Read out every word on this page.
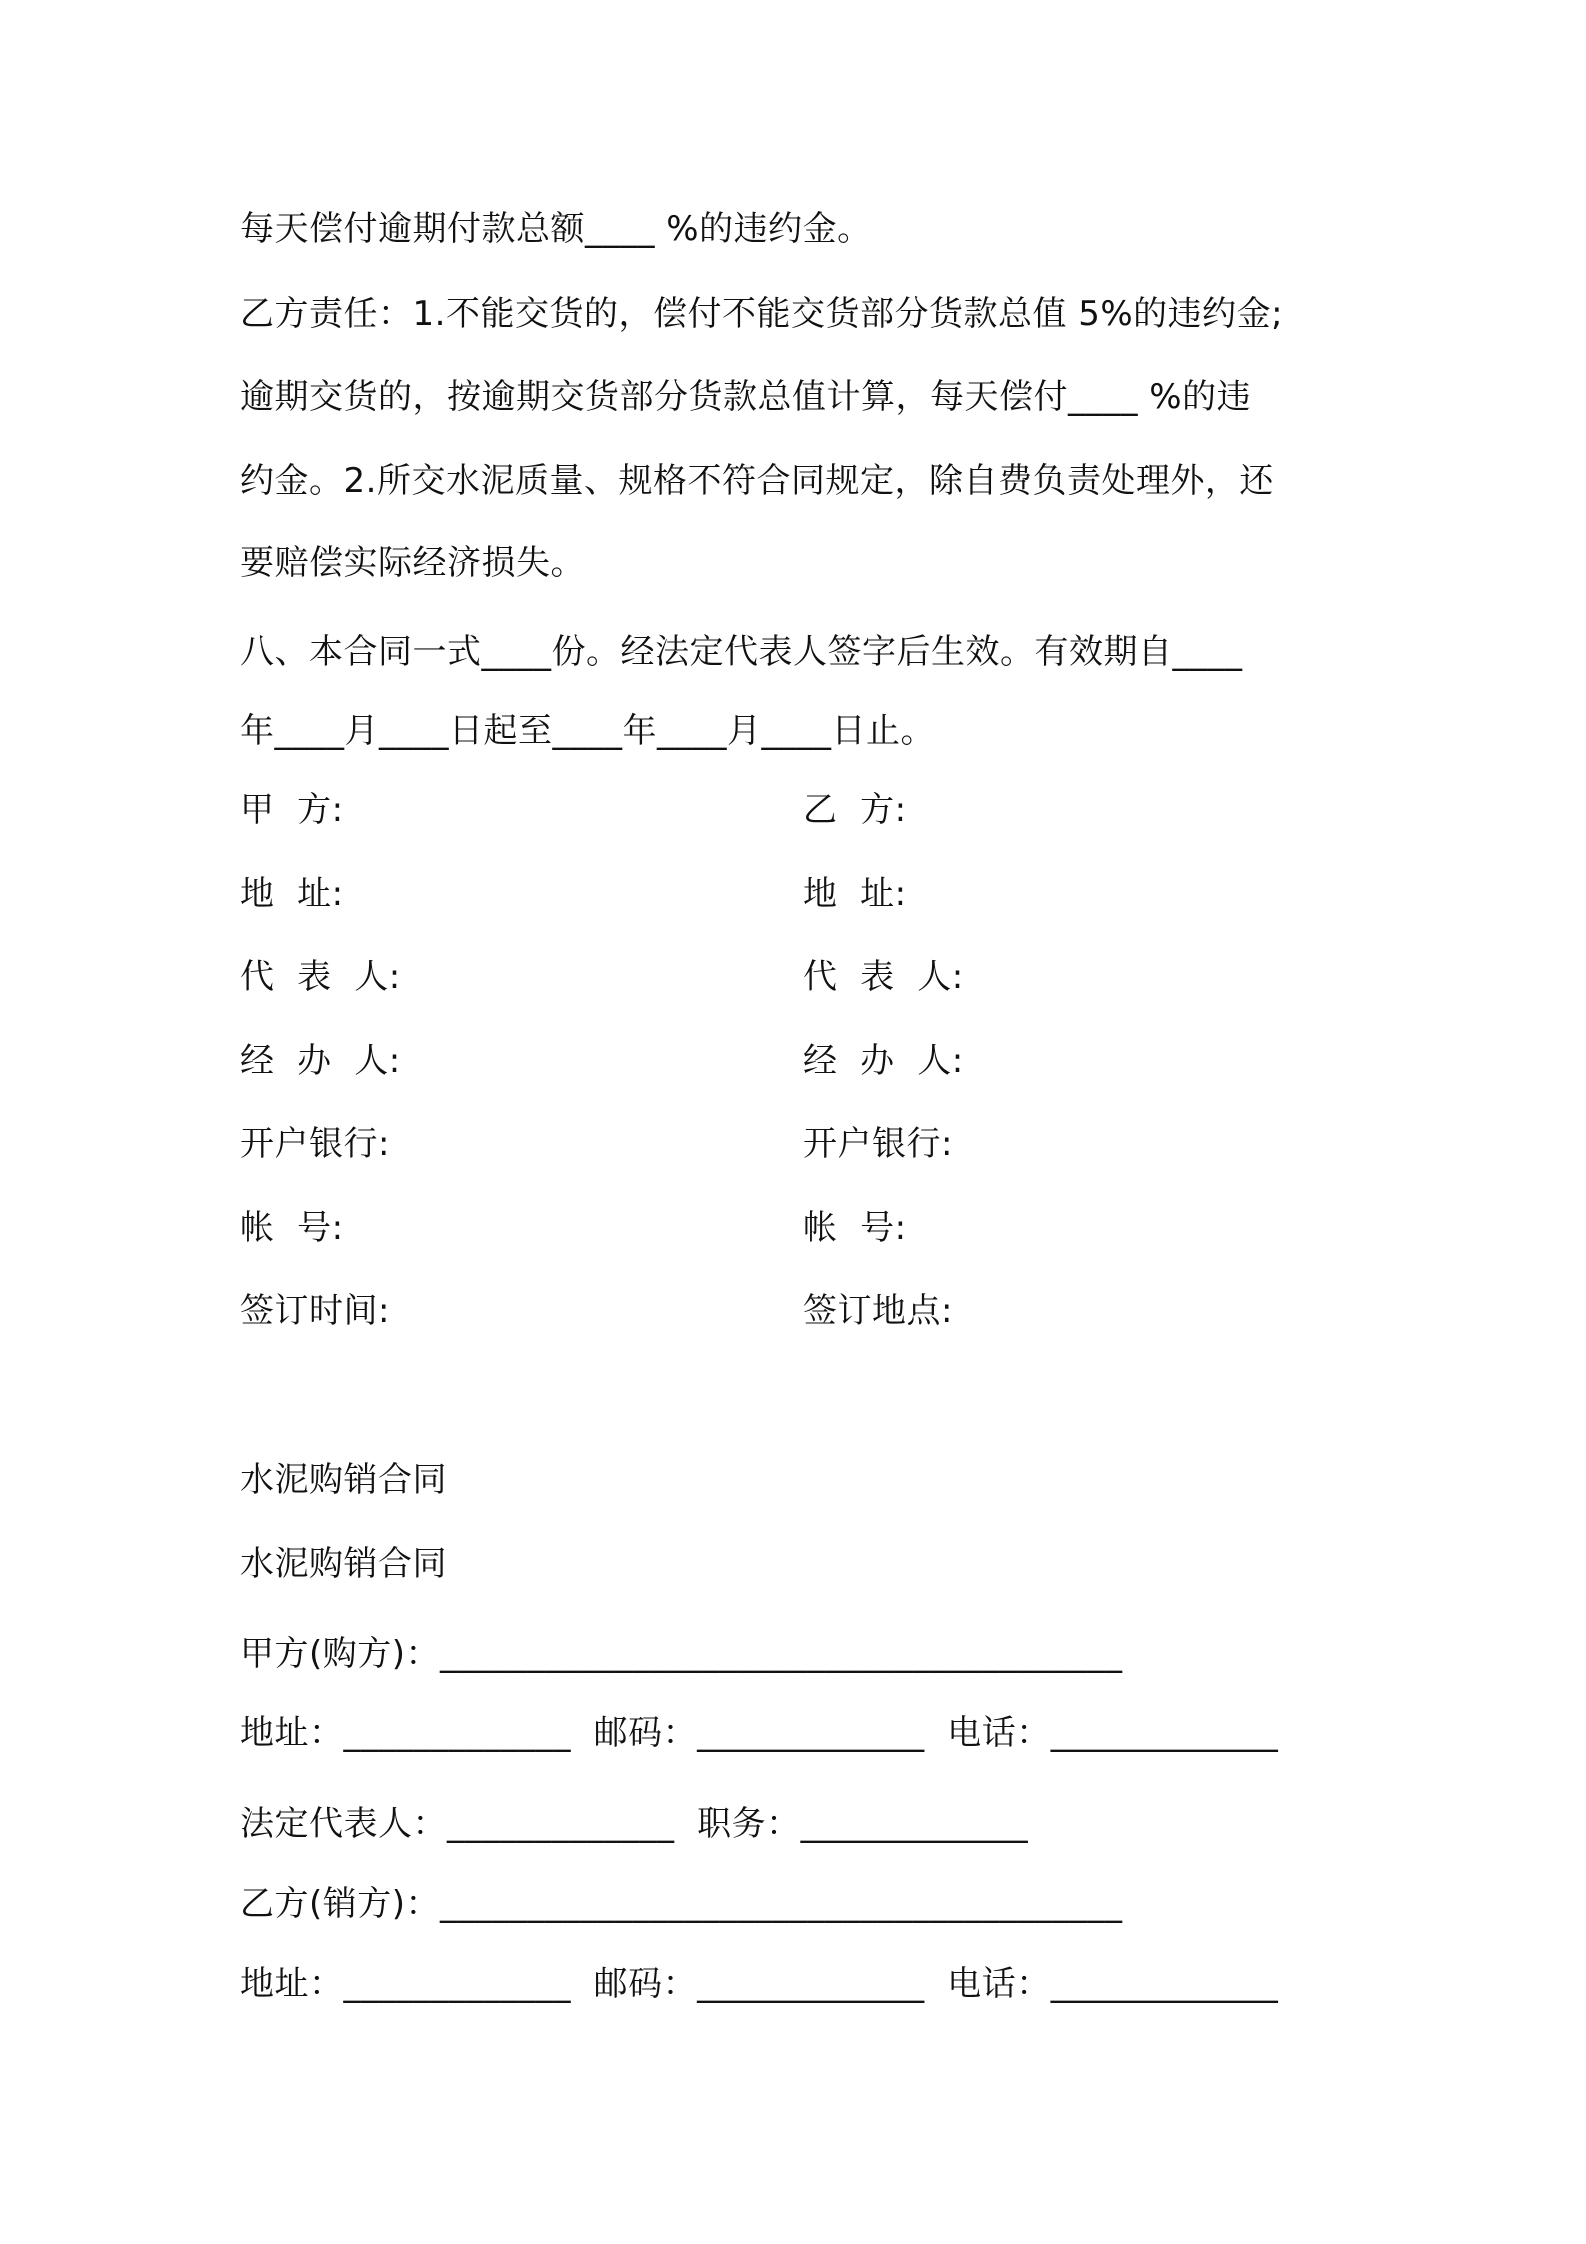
每天偿付逾期付款总额____ %的违约金。
乙方责任：1.不能交货的，偿付不能交货部分货款总值 5%的违约金;
逾期交货的，按逾期交货部分货款总值计算，每天偿付____ %的违
约金。2.所交水泥质量、规格不符合同规定，除自费负责处理外，还
要赔偿实际经济损失。
八、本合同一式____份。经法定代表人签字后生效。有效期自____
年____月____日起至____年____月____日止。
甲  方:	乙  方:
地  址:	地  址:
代  表  人:	代  表  人:
经  办  人:	经  办  人:
开户银行:	开户银行:
帐  号:	帐  号:
签订时间:	签订地点:
水泥购销合同
水泥购销合同
甲方(购方)：_______________________________________
地址：_____________  邮码：_____________  电话：_____________
法定代表人：_____________  职务：_____________
乙方(销方)：_______________________________________
地址：_____________  邮码：_____________  电话：_____________
